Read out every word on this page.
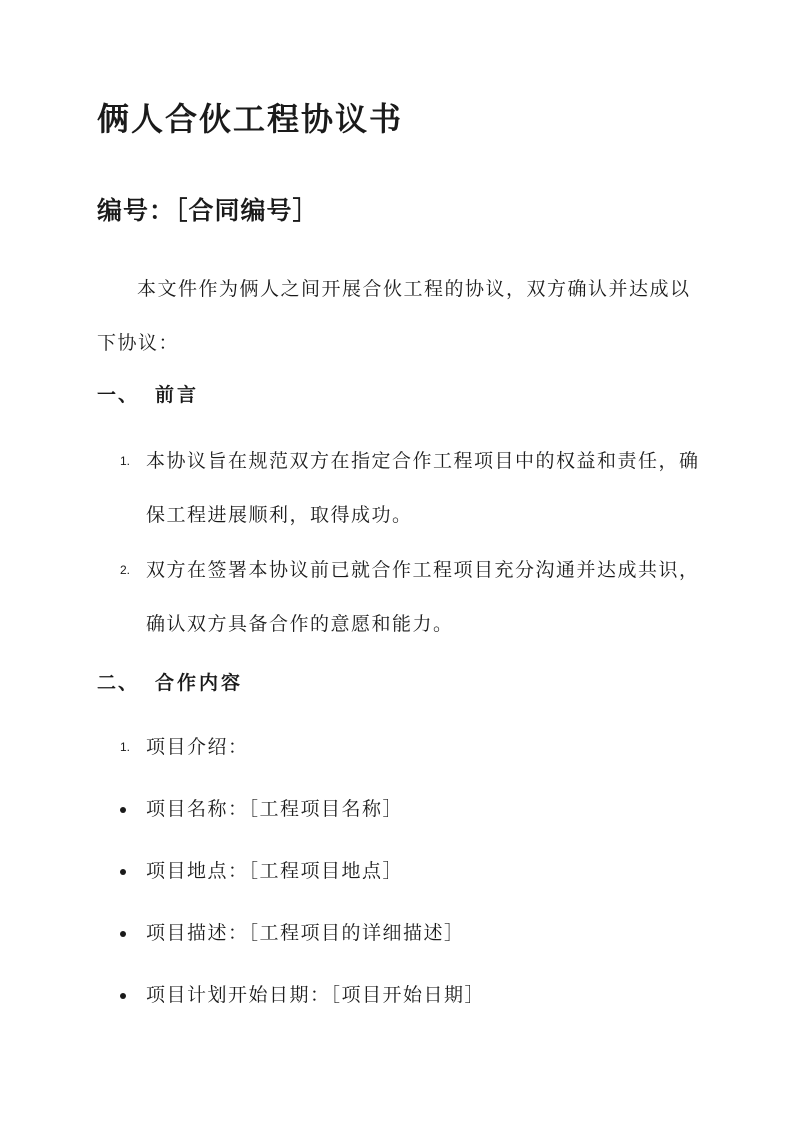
俩人合伙工程协议书
编号：［合同编号］
本文件作为俩人之间开展合伙工程的协议，双方确认并达成以下协议：
一、 前言
1. 本协议旨在规范双方在指定合作工程项目中的权益和责任，确保工程进展顺利，取得成功。
2. 双方在签署本协议前已就合作工程项目充分沟通并达成共识，确认双方具备合作的意愿和能力。
二、 合作内容
1. 项目介绍：
项目名称：［工程项目名称］
项目地点：［工程项目地点］
项目描述：［工程项目的详细描述］
项目计划开始日期：［项目开始日期］
